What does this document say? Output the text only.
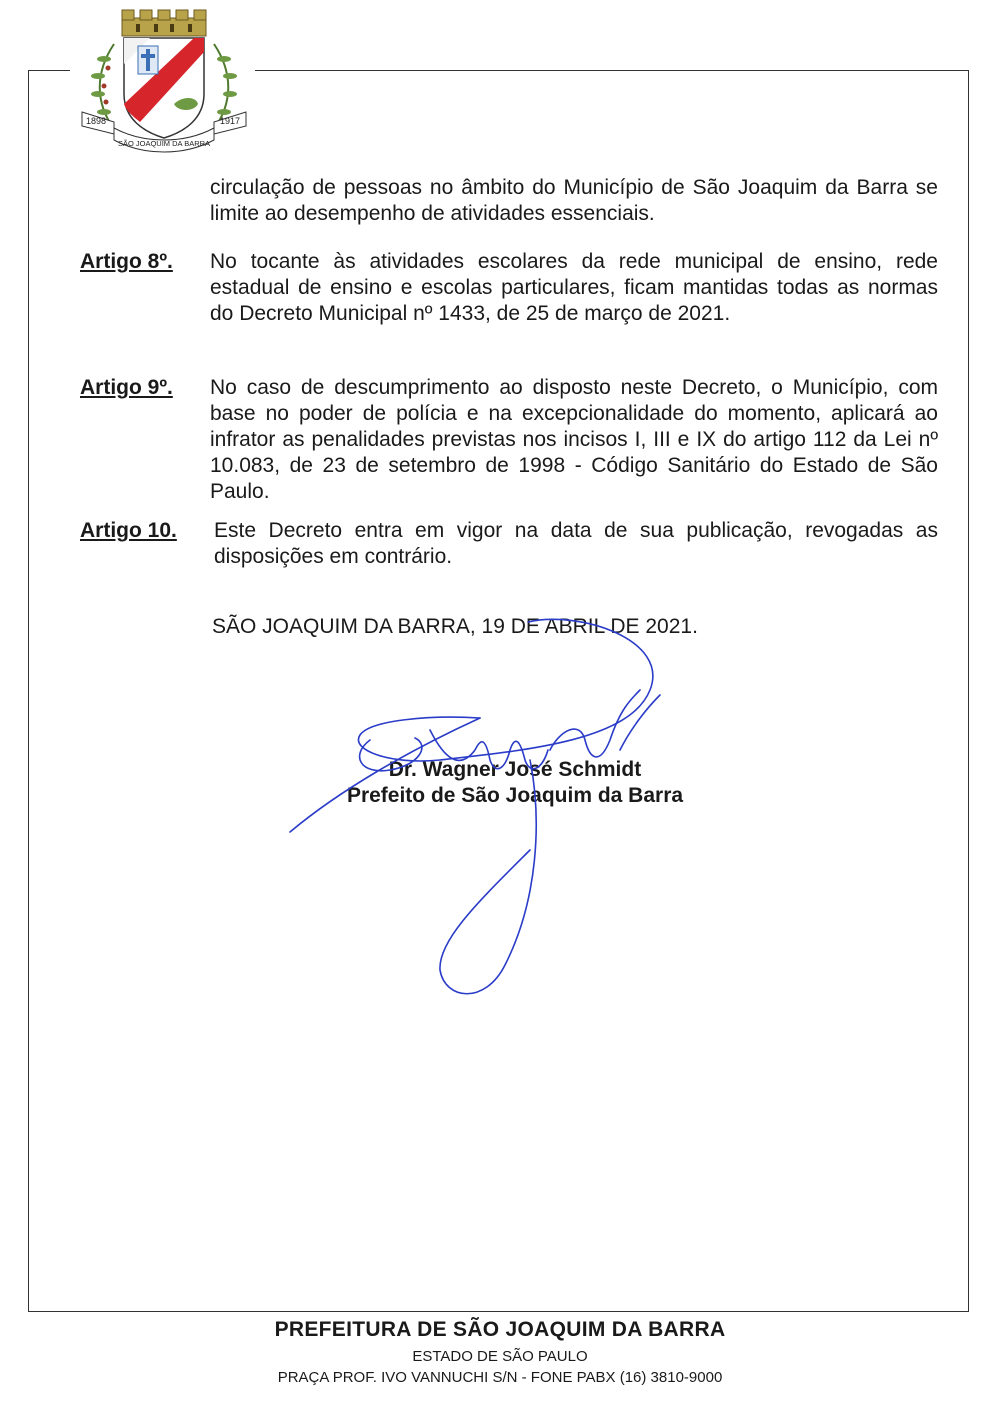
1898	1917
SÃO JOAQUIM DA BARRA
circulação de pessoas no âmbito do Município de São Joaquim da Barra se limite ao desempenho de atividades essenciais.
Artigo 8º.	No tocante às atividades escolares da rede municipal de ensino, rede estadual de ensino e escolas particulares, ficam mantidas todas as normas do Decreto Municipal nº 1433, de 25 de março de 2021.
Artigo 9º.	No caso de descumprimento ao disposto neste Decreto, o Município, com base no poder de polícia e na excepcionalidade do momento, aplicará ao infrator as penalidades previstas nos incisos I, III e IX do artigo 112 da Lei nº 10.083, de 23 de setembro de 1998 - Código Sanitário do Estado de São Paulo.
Artigo 10.	Este Decreto entra em vigor na data de sua publicação, revogadas as disposições em contrário.
SÃO JOAQUIM DA BARRA, 19 DE ABRIL DE 2021.
Dr. Wagner José Schmidt
Prefeito de São Joaquim da Barra
PREFEITURA DE SÃO JOAQUIM DA BARRA
ESTADO DE SÃO PAULO
PRAÇA PROF. IVO VANNUCHI S/N - FONE PABX (16) 3810-9000
